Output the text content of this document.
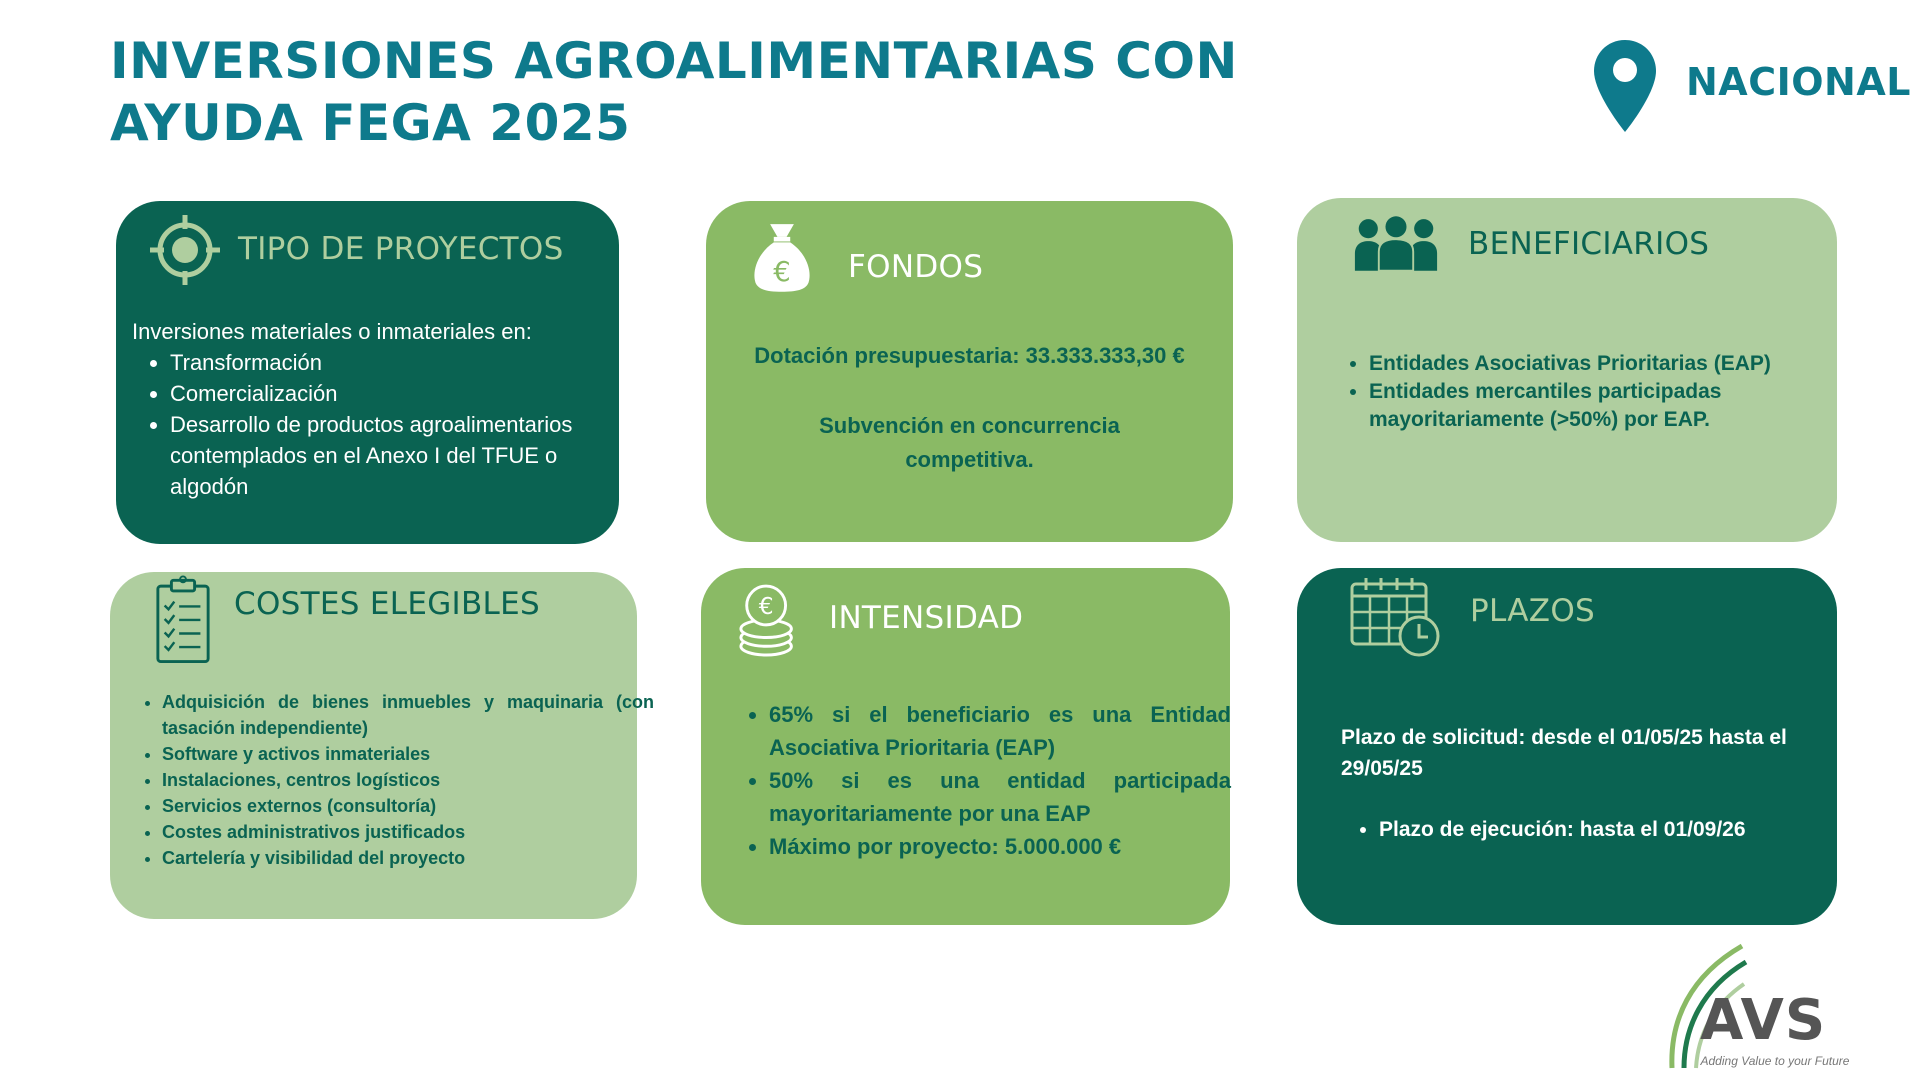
INVERSIONES AGROALIMENTARIAS CON AYUDA FEGA 2025
NACIONAL
TIPO DE PROYECTOS
Inversiones materiales o inmateriales en:
• Transformación
• Comercialización
• Desarrollo de productos agroalimentarios contemplados en el Anexo I del TFUE o algodón
€ FONDOS
Dotación presupuestaria: 33.333.333,30 €
Subvención en concurrencia competitiva.
BENEFICIARIOS
• Entidades Asociativas Prioritarias (EAP)
• Entidades mercantiles participadas mayoritariamente (>50%) por EAP.
COSTES ELEGIBLES
• Adquisición de bienes inmuebles y maquinaria (con tasación independiente)
• Software y activos inmateriales
• Instalaciones, centros logísticos
• Servicios externos (consultoría)
• Costes administrativos justificados
• Cartelería y visibilidad del proyecto
€ INTENSIDAD
• 65% si el beneficiario es una Entidad Asociativa Prioritaria (EAP)
• 50% si es una entidad participada mayoritariamente por una EAP
• Máximo por proyecto: 5.000.000 €
PLAZOS
Plazo de solicitud: desde el 01/05/25 hasta el 29/05/25
• Plazo de ejecución: hasta el 01/09/26
AVS
Adding Value to your Future
